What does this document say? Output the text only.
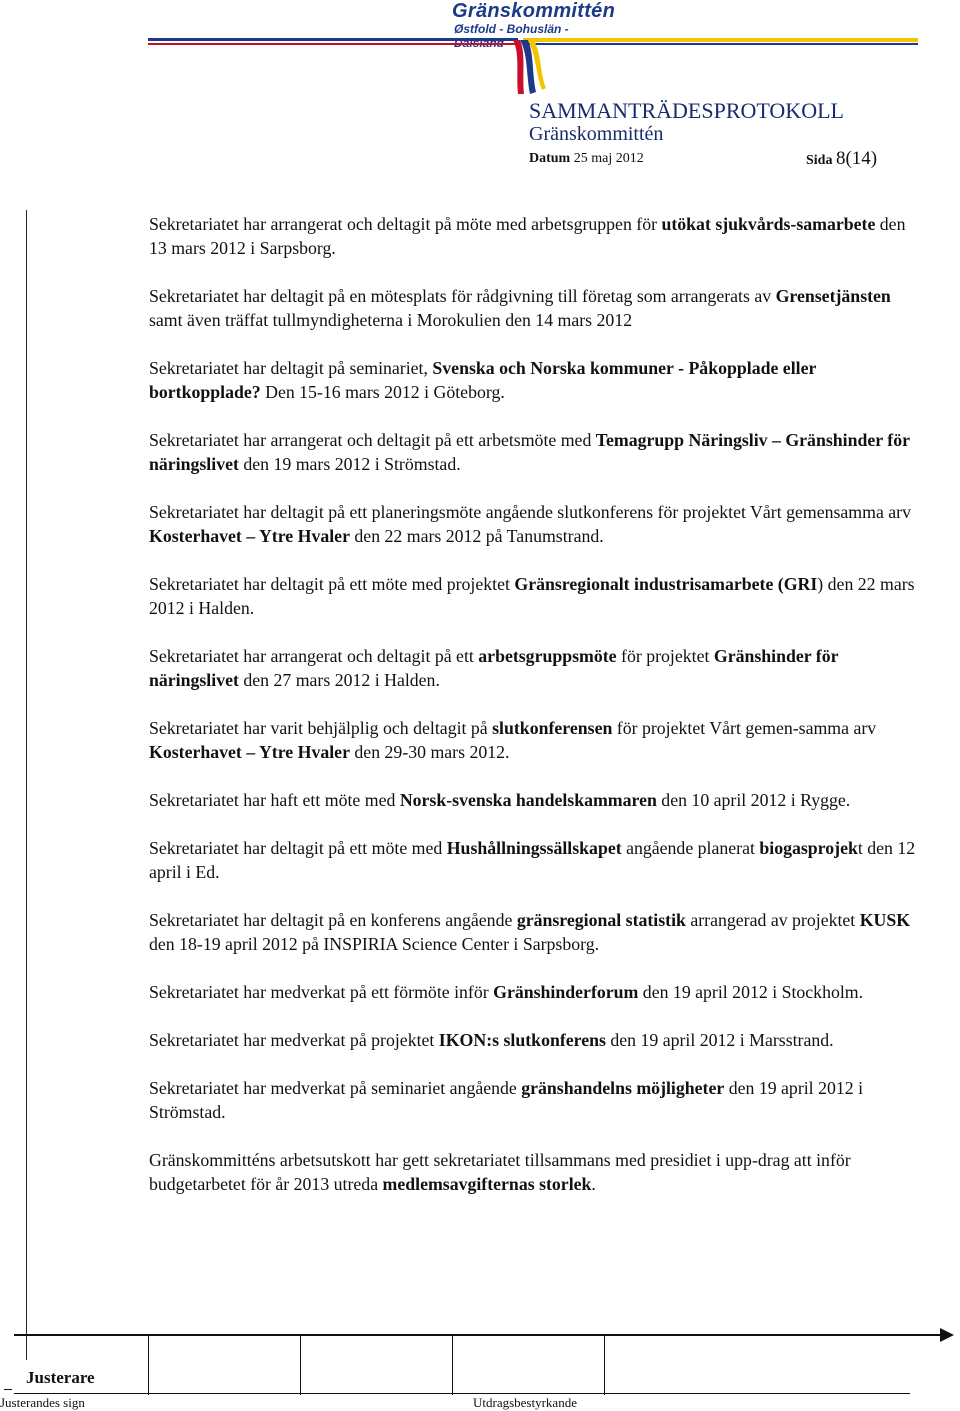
Gränskommittén
Østfold - Bohuslän -
SAMMANTRÄDESPROTOKOLL
Gränskommittén
Datum 25 maj 2012	Sida 8(14)

Sekretariatet har arrangerat och deltagit på möte med arbetsgruppen för utökat sjukvårds-samarbete den 13 mars 2012 i Sarpsborg.

Sekretariatet har deltagit på en mötesplats för rådgivning till företag som arrangerats av Grensetjänsten samt även träffat tullmyndigheterna i Morokulien den 14 mars 2012

Sekretariatet har deltagit på seminariet, Svenska och Norska kommuner - Påkopplade eller bortkopplade? Den 15-16 mars 2012 i Göteborg.

Sekretariatet har arrangerat och deltagit på ett arbetsmöte med Temagrupp Näringsliv – Gränshinder för näringslivet den 19 mars 2012 i Strömstad.

Sekretariatet har deltagit på ett planeringsmöte angående slutkonferens för projektet Vårt gemensamma arv Kosterhavet – Ytre Hvaler den 22 mars 2012 på Tanumstrand.

Sekretariatet har deltagit på ett möte med projektet Gränsregionalt industrisamarbete (GRI) den 22 mars 2012 i Halden.

Sekretariatet har arrangerat och deltagit på ett arbetsgruppsmöte för projektet Gränshinder för näringslivet den 27 mars 2012 i Halden.

Sekretariatet har varit behjälplig och deltagit på slutkonferensen för projektet Vårt gemen-samma arv Kosterhavet – Ytre Hvaler den 29-30 mars 2012.

Sekretariatet har haft ett möte med Norsk-svenska handelskammaren den 10 april 2012 i Rygge.

Sekretariatet har deltagit på ett möte med Hushållningssällskapet angående planerat biogasprojekt den 12 april i Ed.

Sekretariatet har deltagit på en konferens angående gränsregional statistik arrangerad av projektet KUSK den 18-19 april 2012 på INSPIRIA Science Center i Sarpsborg.

Sekretariatet har medverkat på ett förmöte inför Gränshinderforum den 19 april 2012 i Stockholm.

Sekretariatet har medverkat på projektet IKON:s slutkonferens den 19 april 2012 i Marsstrand.

Sekretariatet har medverkat på seminariet angående gränshandelns möjligheter den 19 april 2012 i Strömstad.

Gränskommitténs arbetsutskott har gett sekretariatet tillsammans med presidiet i upp-drag att inför budgetarbetet för år 2013 utreda medlemsavgifternas storlek.

Justerare
Justerandes sign	Utdragsbestyrkande
